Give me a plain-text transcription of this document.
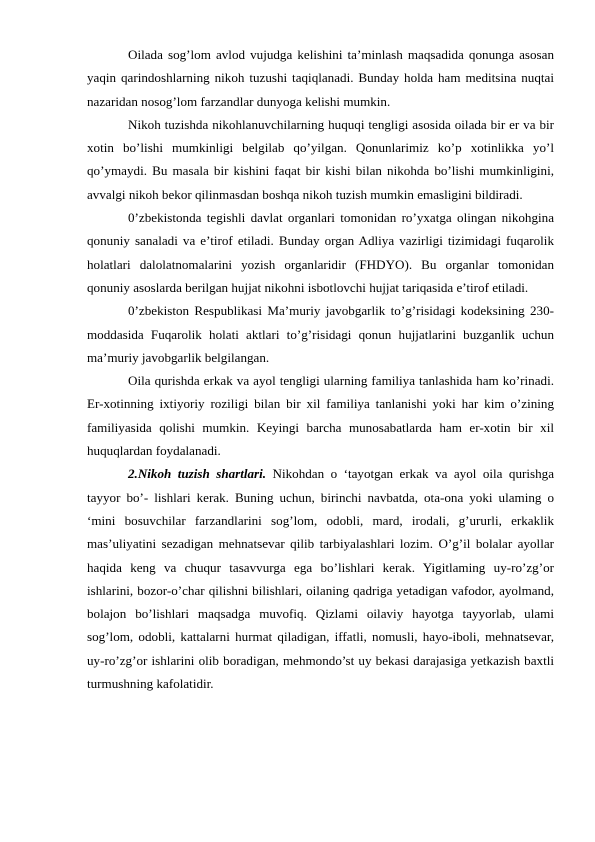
Oilada sog’lom avlod vujudga kelishini ta’minlash maqsadida qonunga asosan yaqin qarindoshlarning nikoh tuzushi taqiqlanadi. Bunday holda ham meditsina nuqtai nazaridan nosog’lom farzandlar dunyoga kelishi mumkin.

Nikoh tuzishda nikohlanuvchilarning huquqi tengligi asosida oilada bir er va bir xotin bo’lishi mumkinligi belgilab qo’yilgan. Qonunlarimiz ko’p xotinlikka yo’l qo’ymaydi. Bu masala bir kishini faqat bir kishi bilan nikohda bo’lishi mumkinligini, avvalgi nikoh bekor qilinmasdan boshqa nikoh tuzish mumkin emasligini bildiradi.

0’zbekistonda tegishli davlat organlari tomonidan ro’yxatga olingan nikohgina qonuniy sanaladi va e’tirof etiladi. Bunday organ Adliya vazirligi tizimidagi fuqarolik holatlari dalolatnomalarini yozish organlaridir (FHDYO). Bu organlar tomonidan qonuniy asoslarda berilgan hujjat nikohni isbotlovchi hujjat tariqasida e’tirof etiladi.

0’zbekiston Respublikasi Ma’muriy javobgarlik to’g’risidagi kodeksining 230-moddasida Fuqarolik holati aktlari to’g’risidagi qonun hujjatlarini buzganlik uchun ma’muriy javobgarlik belgilangan.

Oila qurishda erkak va ayol tengligi ularning familiya tanlashida ham ko’rinadi. Er-xotinning ixtiyoriy roziligi bilan bir xil familiya tanlanishi yoki har kim o’zining familiyasida qolishi mumkin. Keyingi barcha munosabatlarda ham er-xotin bir xil huquqlardan foydalanadi.

2.Nikoh tuzish shartlari. Nikohdan o ‘tayotgan erkak va ayol oila qurishga tayyor bo’- lishlari kerak. Buning uchun, birinchi navbatda, ota-ona yoki ulaming o ‘mini bosuvchilar farzandlarini sog’lom, odobli, mard, irodali, g’ururli, erkaklik mas’uliyatini sezadigan mehnatsevar qilib tarbiyalashlari lozim. O’g’il bolalar ayollar haqida keng va chuqur tasavvurga ega bo’lishlari kerak. Yigitlaming uy-ro’zg’or ishlarini, bozor-o’char qilishni bilishlari, oilaning qadriga yetadigan vafodor, ayolmand, bolajon bo’lishlari maqsadga muvofiq. Qizlami oilaviy hayotga tayyorlab, ulami sog’lom, odobli, kattalarni hurmat qiladigan, iffatli, nomusli, hayo-iboli, mehnatsevar, uy-ro’zg’or ishlarini olib boradigan, mehmondo’st uy bekasi darajasiga yetkazish baxtli turmushning kafolatidir.
